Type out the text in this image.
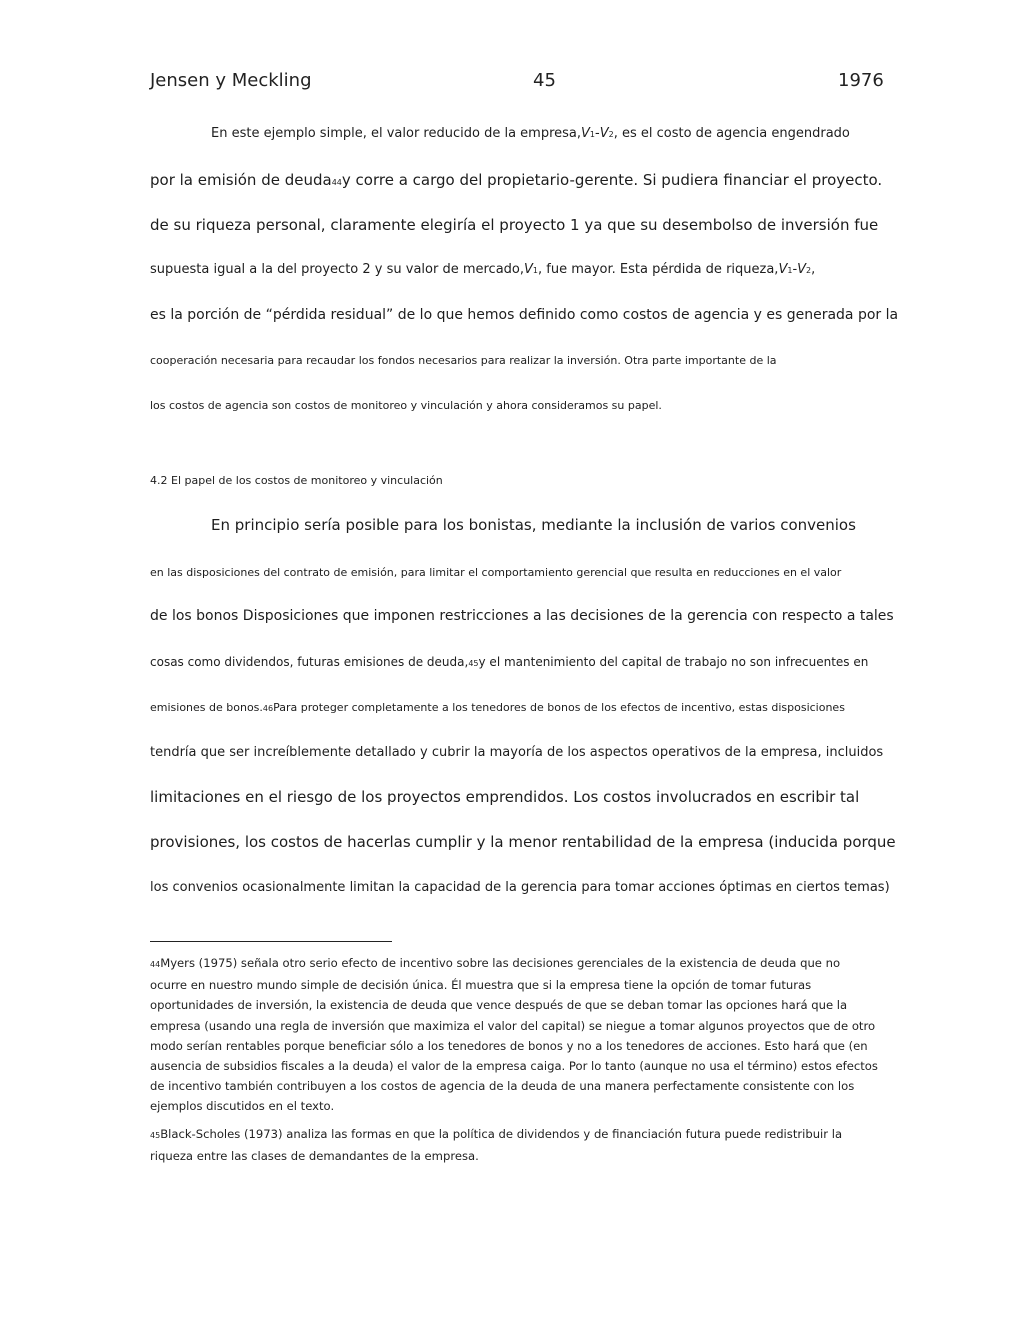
Jensen y Meckling	45	1976
En este ejemplo simple, el valor reducido de la empresa,V1-V2, es el costo de agencia engendrado
por la emisión de deuda44y corre a cargo del propietario-gerente. Si pudiera financiar el proyecto.
de su riqueza personal, claramente elegiría el proyecto 1 ya que su desembolso de inversión fue
supuesta igual a la del proyecto 2 y su valor de mercado,V1, fue mayor. Esta pérdida de riqueza,V1-V2,
es la porción de “pérdida residual” de lo que hemos definido como costos de agencia y es generada por la
cooperación necesaria para recaudar los fondos necesarios para realizar la inversión. Otra parte importante de la
los costos de agencia son costos de monitoreo y vinculación y ahora consideramos su papel.
4.2 El papel de los costos de monitoreo y vinculación
En principio sería posible para los bonistas, mediante la inclusión de varios convenios
en las disposiciones del contrato de emisión, para limitar el comportamiento gerencial que resulta en reducciones en el valor
de los bonos Disposiciones que imponen restricciones a las decisiones de la gerencia con respecto a tales
cosas como dividendos, futuras emisiones de deuda,45y el mantenimiento del capital de trabajo no son infrecuentes en
emisiones de bonos.46Para proteger completamente a los tenedores de bonos de los efectos de incentivo, estas disposiciones
tendría que ser increíblemente detallado y cubrir la mayoría de los aspectos operativos de la empresa, incluidos
limitaciones en el riesgo de los proyectos emprendidos. Los costos involucrados en escribir tal
provisiones, los costos de hacerlas cumplir y la menor rentabilidad de la empresa (inducida porque
los convenios ocasionalmente limitan la capacidad de la gerencia para tomar acciones óptimas en ciertos temas)
44Myers (1975) señala otro serio efecto de incentivo sobre las decisiones gerenciales de la existencia de deuda que no ocurre en nuestro mundo simple de decisión única. Él muestra que si la empresa tiene la opción de tomar futuras oportunidades de inversión, la existencia de deuda que vence después de que se deban tomar las opciones hará que la empresa (usando una regla de inversión que maximiza el valor del capital) se niegue a tomar algunos proyectos que de otro modo serían rentables porque beneficiar sólo a los tenedores de bonos y no a los tenedores de acciones. Esto hará que (en ausencia de subsidios fiscales a la deuda) el valor de la empresa caiga. Por lo tanto (aunque no usa el término) estos efectos de incentivo también contribuyen a los costos de agencia de la deuda de una manera perfectamente consistente con los ejemplos discutidos en el texto.
45Black-Scholes (1973) analiza las formas en que la política de dividendos y de financiación futura puede redistribuir la riqueza entre las clases de demandantes de la empresa.
